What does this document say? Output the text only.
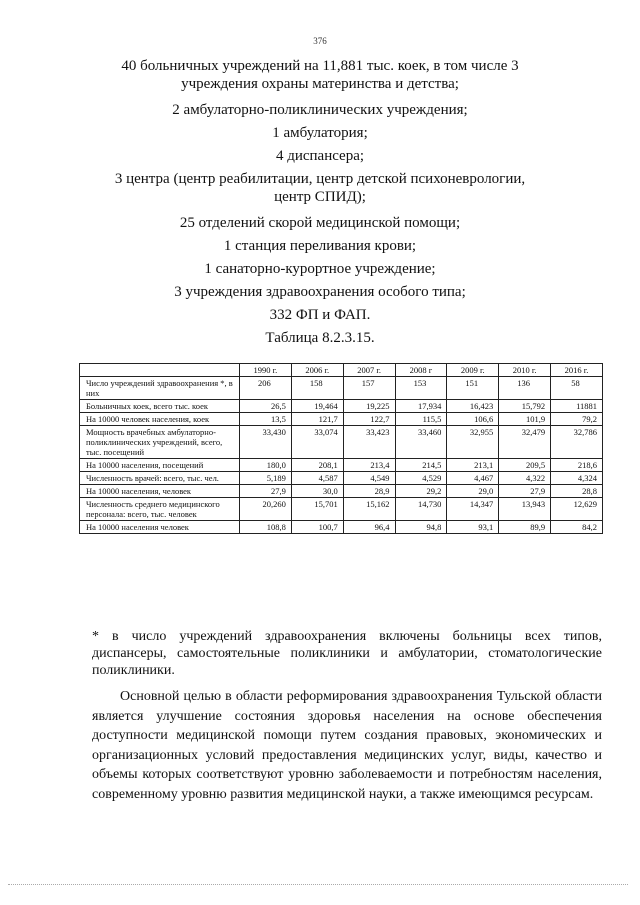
376

40 больничных учреждений на 11,881 тыс. коек, в том числе 3 учреждения охраны материнства и детства;

2 амбулаторно-поликлинических учреждения;

1 амбулатория;

4 диспансера;

3 центра (центр реабилитации, центр детской психоневрологии, центр СПИД);

25 отделений скорой медицинской помощи;

1 станция переливания крови;

1 санаторно-курортное учреждение;

3 учреждения здравоохранения особого типа;

332 ФП и ФАП.

Таблица 8.2.3.15.

	1990 г.	2006 г.	2007 г.	2008 г	2009 г.	2010 г.	2016 г.
Число учреждений здравоохранения *, в них	206	158	157	153	151	136	58
Больничных коек, всего тыс. коек	26,5	19,464	19,225	17,934	16,423	15,792	11881
На 10000 человек населения, коек	13,5	121,7	122,7	115,5	106,6	101,9	79,2
Мощность врачебных амбулаторно-поликлинических учреждений, всего, тыс. посещений	33,430	33,074	33,423	33,460	32,955	32,479	32,786
На 10000 населения, посещений	180,0	208,1	213,4	214,5	213,1	209,5	218,6
Численность врачей: всего, тыс. чел.	5,189	4,587	4,549	4,529	4,467	4,322	4,324
На 10000 населения, человек	27,9	30,0	28,9	29,2	29,0	27,9	28,8
Численность среднего медицинского персонала: всего, тыс. человек	20,260	15,701	15,162	14,730	14,347	13,943	12,629
На 10000 населения человек	108,8	100,7	96,4	94,8	93,1	89,9	84,2

* в число учреждений здравоохранения включены больницы всех типов, диспансеры, самостоятельные поликлиники и амбулатории, стоматологические поликлиники.

Основной целью в области реформирования здравоохранения Тульской области является улучшение состояния здоровья населения на основе обеспечения доступности медицинской помощи путем создания правовых, экономических и организационных условий предоставления медицинских услуг, виды, качество и объемы которых соответствуют уровню заболеваемости и потребностям населения, современному уровню развития медицинской науки, а также имеющимся ресурсам.
